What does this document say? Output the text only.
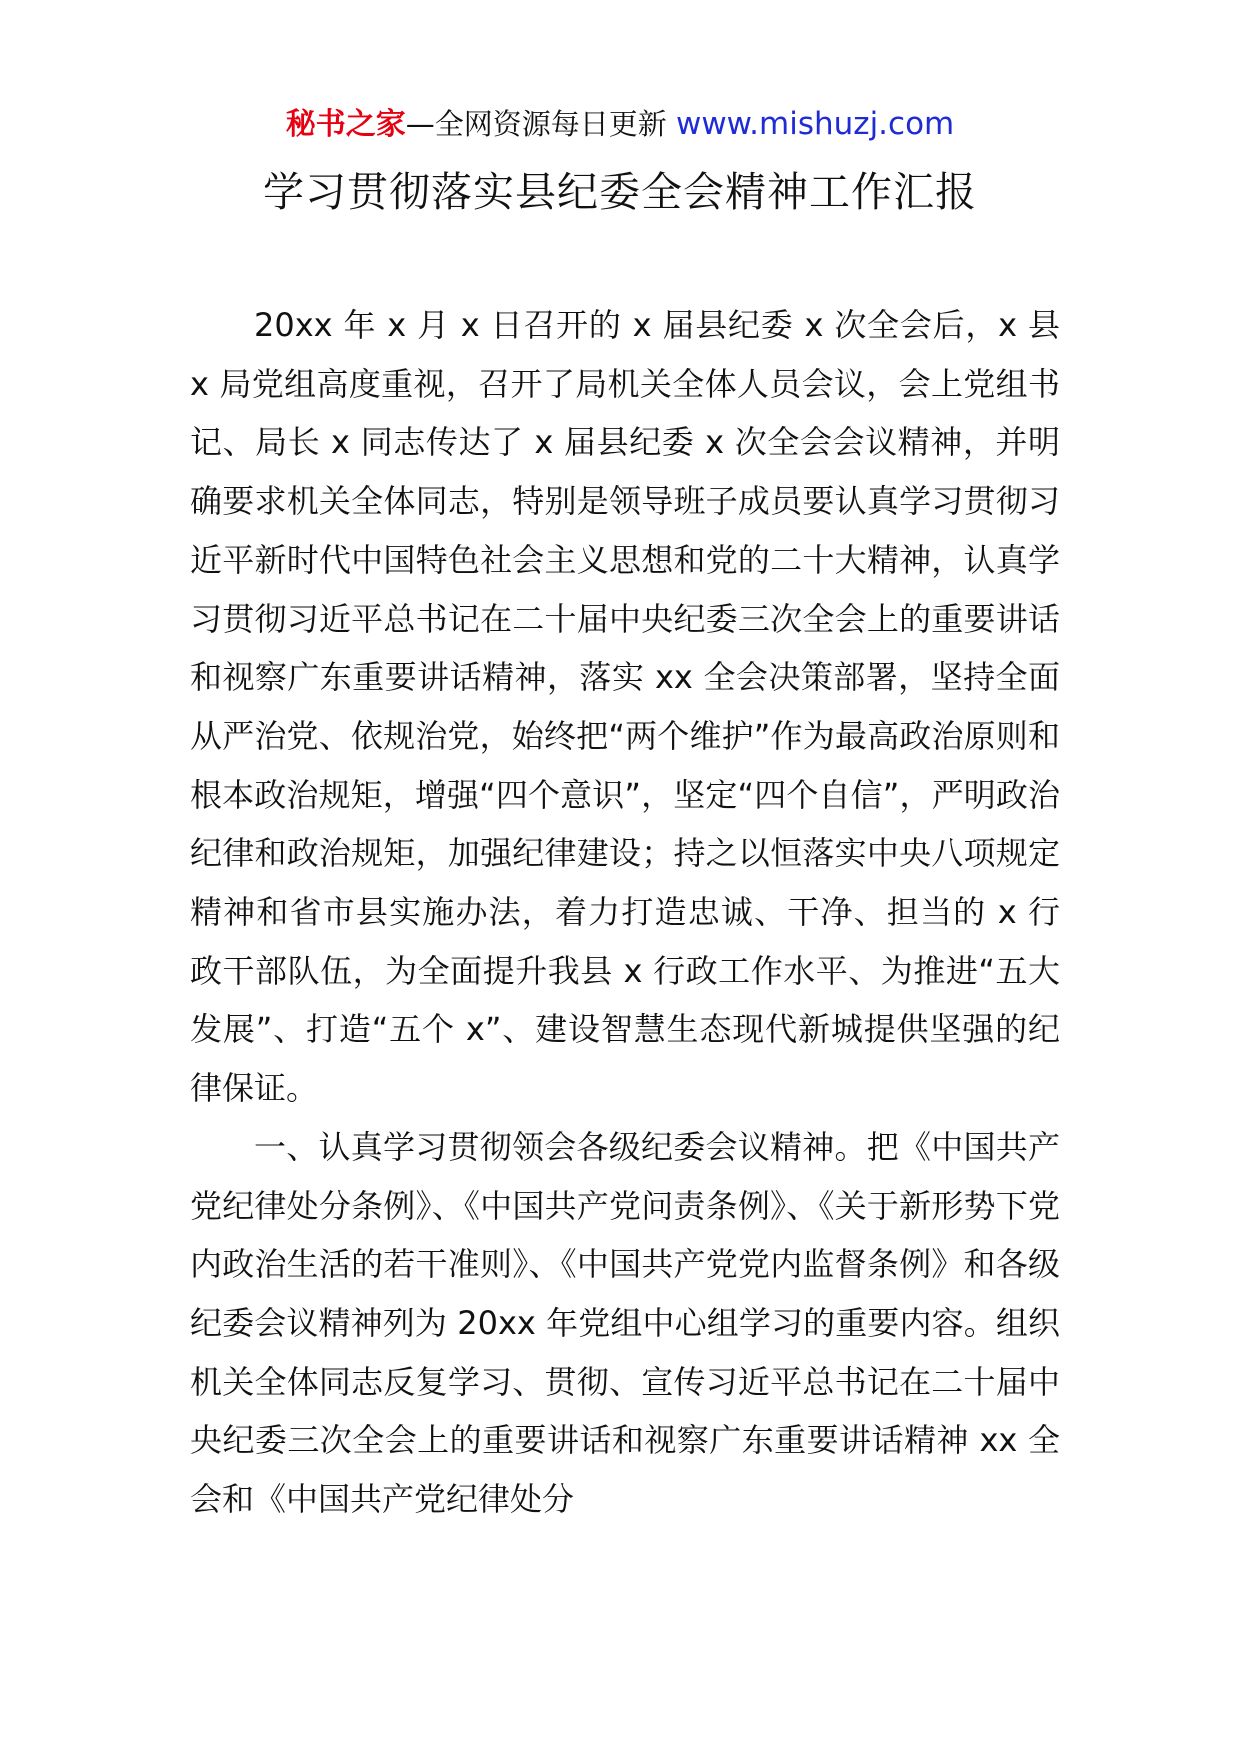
秘书之家—全网资源每日更新 www.mishuzj.com
学习贯彻落实县纪委全会精神工作汇报

20xx 年 x 月 x 日召开的 x 届县纪委 x 次全会后，x 县 x 局党组高度重视，召开了局机关全体人员会议，会上党组书记、局长 x 同志传达了 x 届县纪委 x 次全会会议精神，并明确要求机关全体同志，特别是领导班子成员要认真学习贯彻习近平新时代中国特色社会主义思想和党的二十大精神，认真学习贯彻习近平总书记在二十届中央纪委三次全会上的重要讲话和视察广东重要讲话精神，落实 xx 全会决策部署，坚持全面从严治党、依规治党，始终把“两个维护”作为最高政治原则和根本政治规矩，增强“四个意识”，坚定“四个自信”，严明政治纪律和政治规矩，加强纪律建设；持之以恒落实中央八项规定精神和省市县实施办法，着力打造忠诚、干净、担当的 x 行政干部队伍，为全面提升我县 x 行政工作水平、为推进“五大发展”、打造“五个 x”、建设智慧生态现代新城提供坚强的纪律保证。

一、认真学习贯彻领会各级纪委会议精神。把《中国共产党纪律处分条例》、《中国共产党问责条例》、《关于新形势下党内政治生活的若干准则》、《中国共产党党内监督条例》和各级纪委会议精神列为 20xx 年党组中心组学习的重要内容。组织机关全体同志反复学习、贯彻、宣传习近平总书记在二十届中央纪委三次全会上的重要讲话和视察广东重要讲话精神 xx 全会和《中国共产党纪律处分
